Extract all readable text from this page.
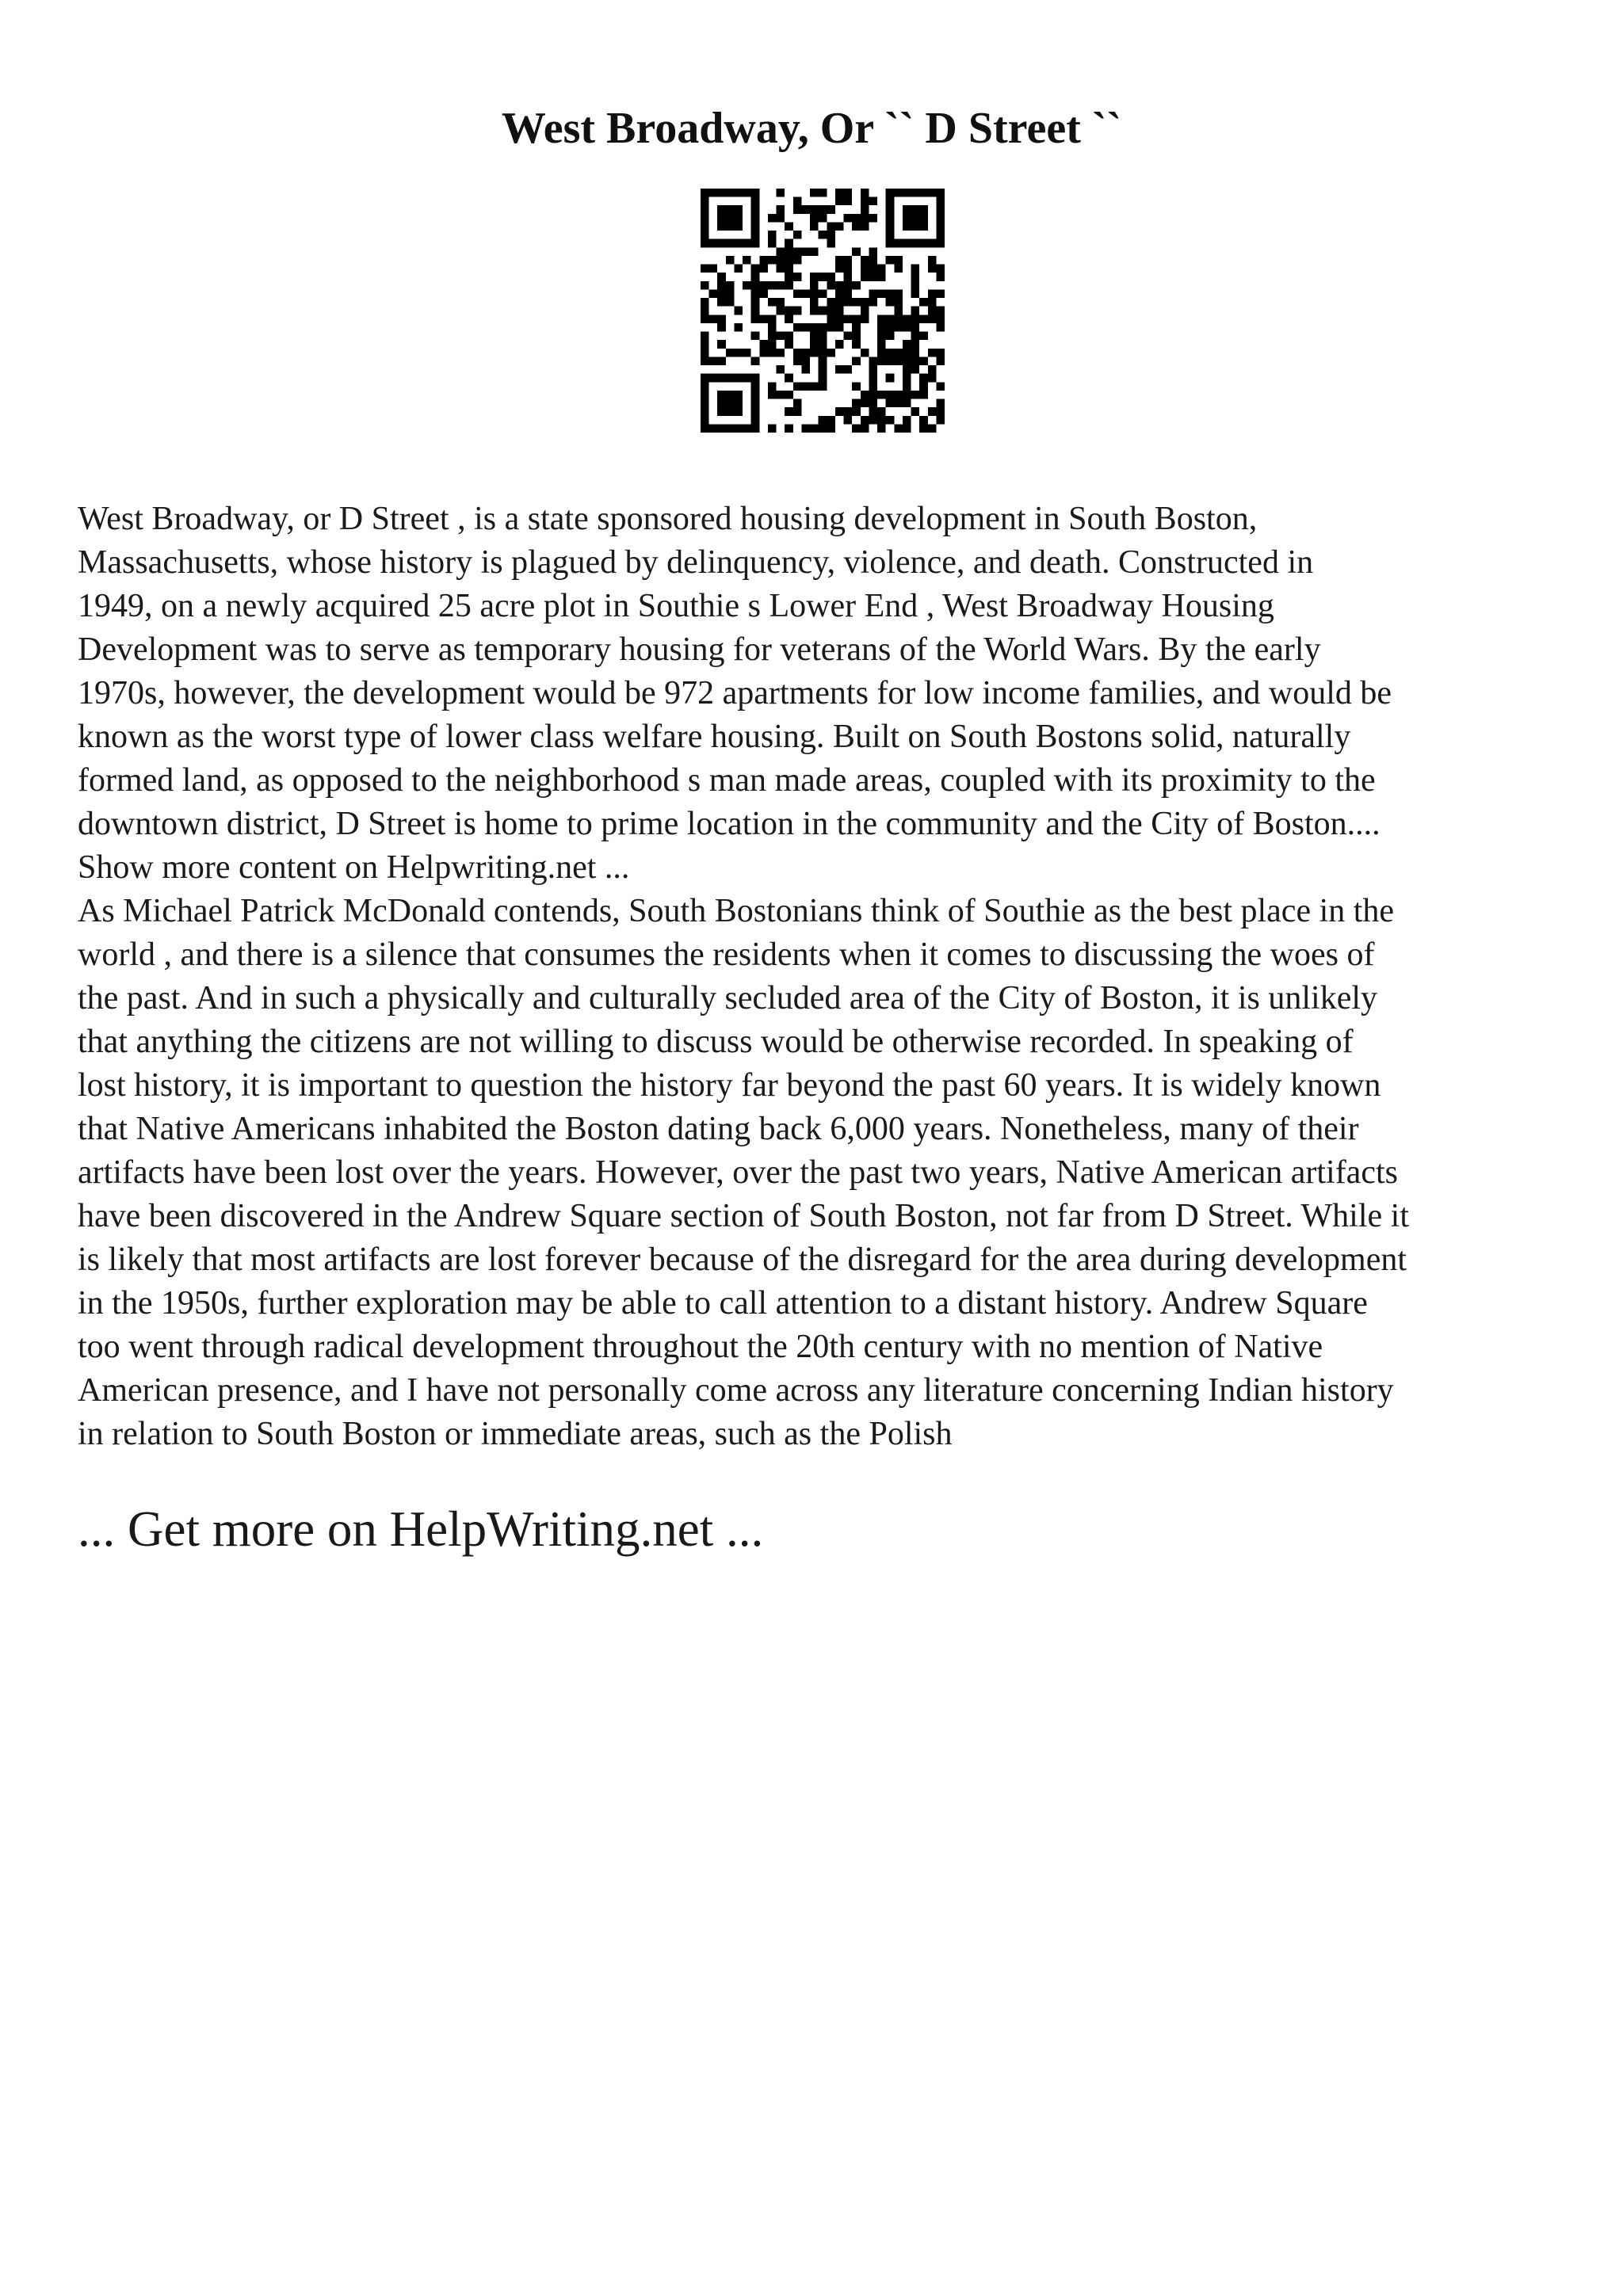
West Broadway, Or `` D Street ``

West Broadway, or D Street , is a state sponsored housing development in South Boston,
Massachusetts, whose history is plagued by delinquency, violence, and death. Constructed in
1949, on a newly acquired 25 acre plot in Southie s Lower End , West Broadway Housing
Development was to serve as temporary housing for veterans of the World Wars. By the early
1970s, however, the development would be 972 apartments for low income families, and would be
known as the worst type of lower class welfare housing. Built on South Bostons solid, naturally
formed land, as opposed to the neighborhood s man made areas, coupled with its proximity to the
downtown district, D Street is home to prime location in the community and the City of Boston....

Show more content on Helpwriting.net ...

As Michael Patrick McDonald contends, South Bostonians think of Southie as the best place in the
world , and there is a silence that consumes the residents when it comes to discussing the woes of
the past. And in such a physically and culturally secluded area of the City of Boston, it is unlikely
that anything the citizens are not willing to discuss would be otherwise recorded. In speaking of
lost history, it is important to question the history far beyond the past 60 years. It is widely known
that Native Americans inhabited the Boston dating back 6,000 years. Nonetheless, many of their
artifacts have been lost over the years. However, over the past two years, Native American artifacts
have been discovered in the Andrew Square section of South Boston, not far from D Street. While it
is likely that most artifacts are lost forever because of the disregard for the area during development
in the 1950s, further exploration may be able to call attention to a distant history. Andrew Square
too went through radical development throughout the 20th century with no mention of Native
American presence, and I have not personally come across any literature concerning Indian history
in relation to South Boston or immediate areas, such as the Polish

... Get more on HelpWriting.net ...
